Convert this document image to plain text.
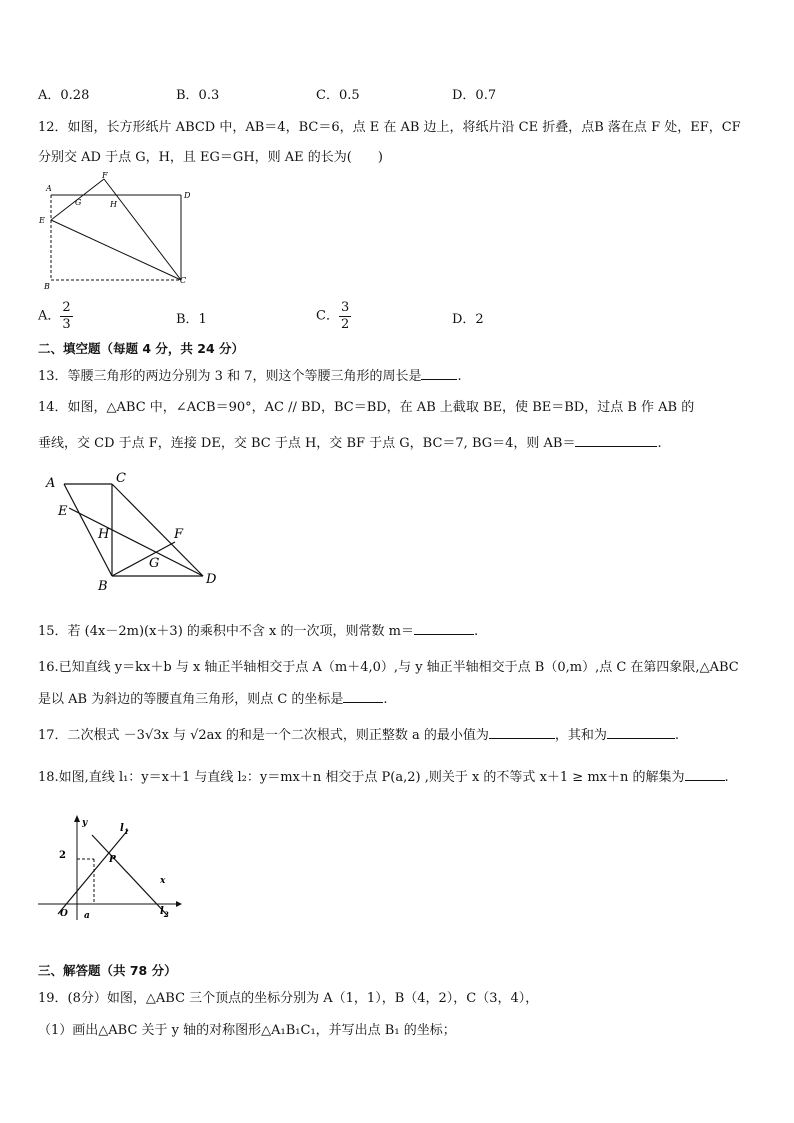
A．0.28	B．0.3	C．0.5	D．0.7
12．如图，长方形纸片 ABCD 中，AB＝4，BC＝6，点 E 在 AB 边上，将纸片沿 CE 折叠，点B 落在点 F 处，EF，CF
分别交 AD 于点 G，H，且 EG＝GH，则 AE 的长为(　　)
A
D
E
F
G	H
B
C
A． $\frac{2}{3}$	B．1	C． $\frac{3}{2}$	D．2
二、填空题（每题 4 分，共 24 分）
13．等腰三角形的两边分别为 3 和 7，则这个等腰三角形的周长是	.
14．如图，△ABC 中，∠ACB＝90°，AC // BD，BC＝BD，在 AB 上截取 BE，使 BE＝BD，过点 B 作 AB 的
垂线，交 CD 于点 F，连接 DE，交 BC 于点 H，交 BF 于点 G，BC＝7, BG＝4，则 AB＝	.
A	C
E
H	F
G
B	D
15．若 (4x－2m)(x＋3) 的乘积中不含 x 的一次项，则常数 m＝	.
16.已知直线 y＝kx＋b 与 x 轴正半轴相交于点 A（m＋4,0）,与 y 轴正半轴相交于点 B（0,m）,点 C 在第四象限,△ABC
是以 AB 为斜边的等腰直角三角形，则点 C 的坐标是	.
17．二次根式 －3√3x 与 √2ax 的和是一个二次根式，则正整数 a 的最小值为	，其和为	.
18.如图,直线 l₁：y＝x＋1 与直线 l₂：y＝mx＋n 相交于点 P(a,2) ,则关于 x 的不等式 x＋1 ≥ mx＋n 的解集为	.
y
x
O a
2	P
$l_1$
$l_2$
三、解答题（共 78 分）
19．(8分）如图，△ABC 三个顶点的坐标分别为 A（1，1），B（4，2），C（3，4），
（1）画出△ABC 关于 y 轴的对称图形△A₁B₁C₁，并写出点 B₁ 的坐标；
